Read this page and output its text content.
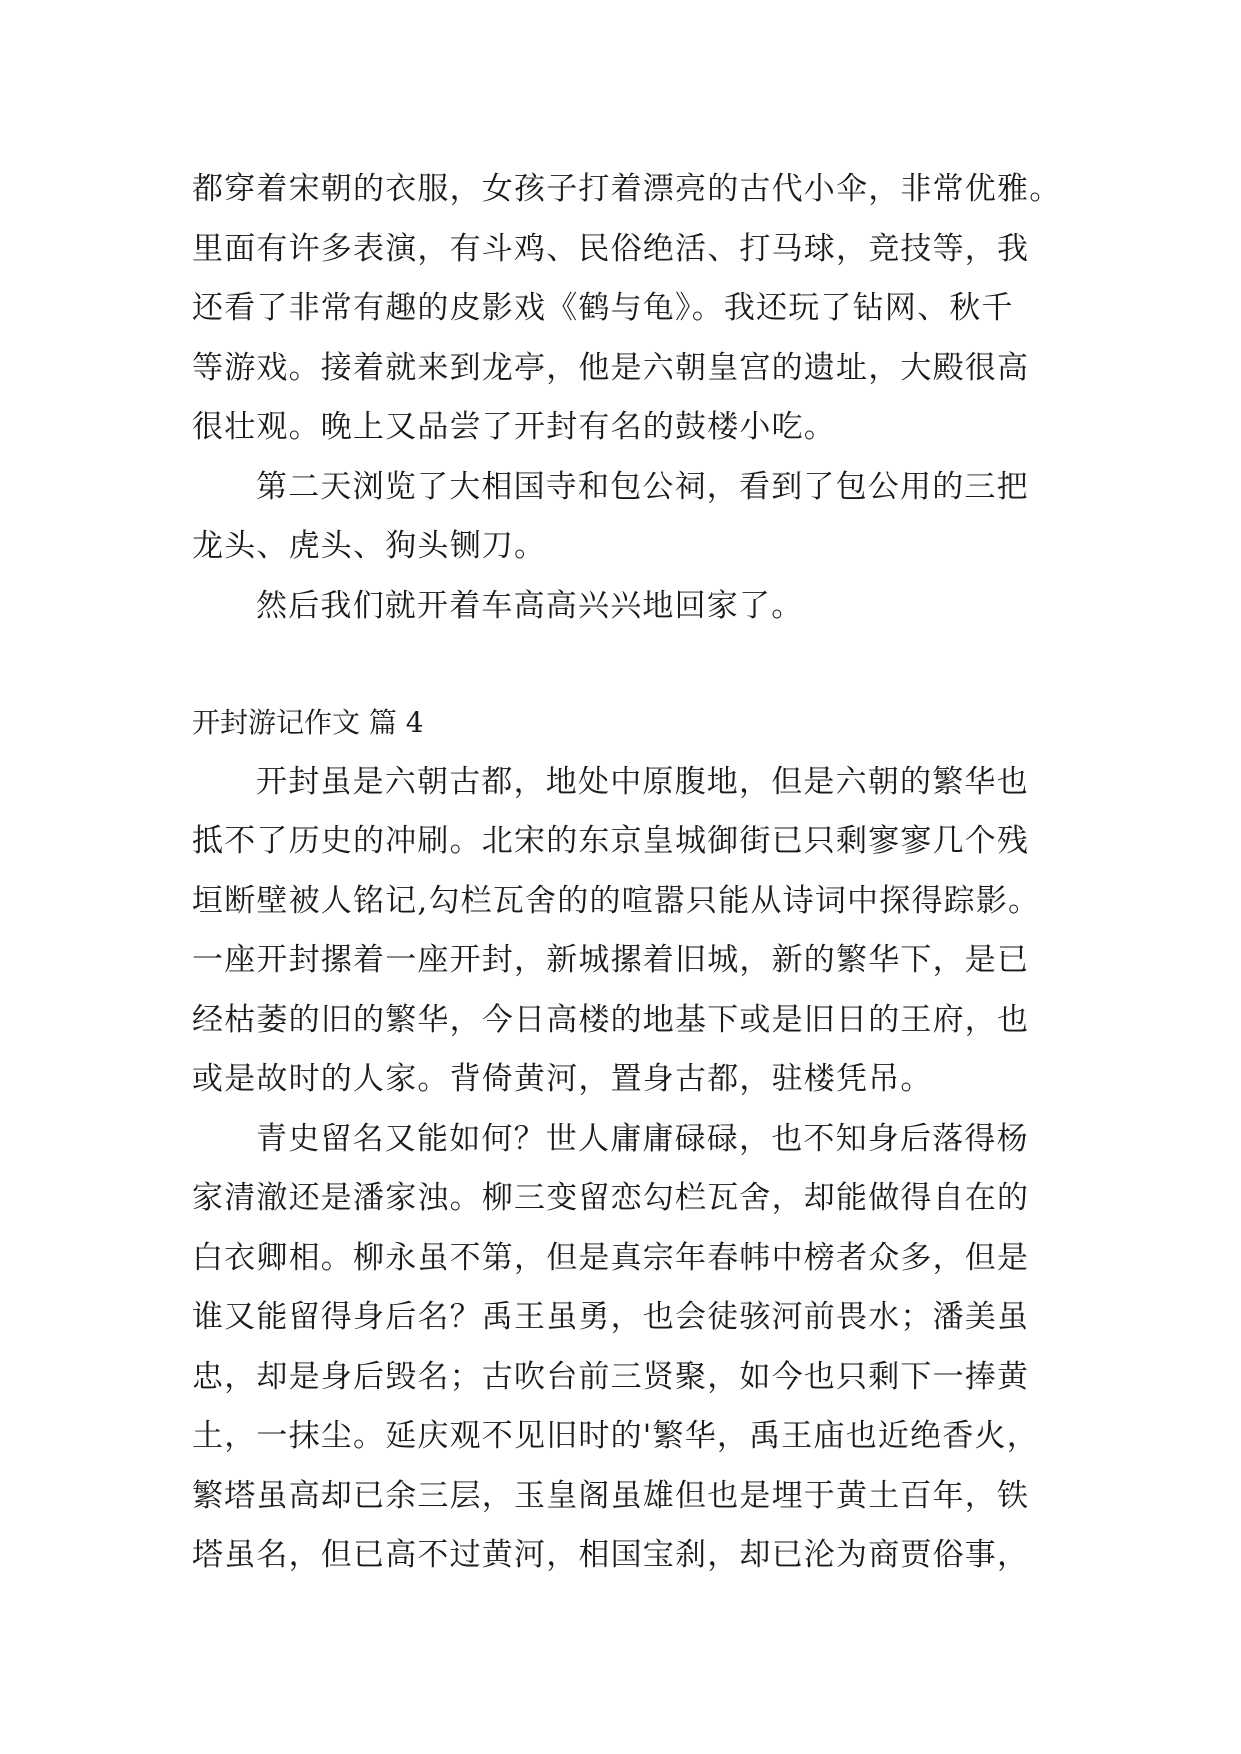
都穿着宋朝的衣服，女孩子打着漂亮的古代小伞，非常优雅。
里面有许多表演，有斗鸡、民俗绝活、打马球，竞技等，我
还看了非常有趣的皮影戏《鹤与龟》。我还玩了钻网、秋千
等游戏。接着就来到龙亭，他是六朝皇宫的遗址，大殿很高
很壮观。晚上又品尝了开封有名的鼓楼小吃。
第二天浏览了大相国寺和包公祠，看到了包公用的三把
龙头、虎头、狗头铡刀。
然后我们就开着车高高兴兴地回家了。
开封游记作文 篇 4
开封虽是六朝古都，地处中原腹地，但是六朝的繁华也
抵不了历史的冲刷。北宋的东京皇城御街已只剩寥寥几个残
垣断壁被人铭记,勾栏瓦舍的的喧嚣只能从诗词中探得踪影。
一座开封摞着一座开封，新城摞着旧城，新的繁华下，是已
经枯萎的旧的繁华，今日高楼的地基下或是旧日的王府，也
或是故时的人家。背倚黄河，置身古都，驻楼凭吊。
青史留名又能如何？世人庸庸碌碌，也不知身后落得杨
家清澈还是潘家浊。柳三变留恋勾栏瓦舍，却能做得自在的
白衣卿相。柳永虽不第，但是真宗年春帏中榜者众多，但是
谁又能留得身后名？禹王虽勇，也会徒骇河前畏水；潘美虽
忠，却是身后毁名；古吹台前三贤聚，如今也只剩下一捧黄
土，一抹尘。延庆观不见旧时的'繁华，禹王庙也近绝香火，
繁塔虽高却已余三层，玉皇阁虽雄但也是埋于黄土百年，铁
塔虽名，但已高不过黄河，相国宝刹，却已沦为商贾俗事，
